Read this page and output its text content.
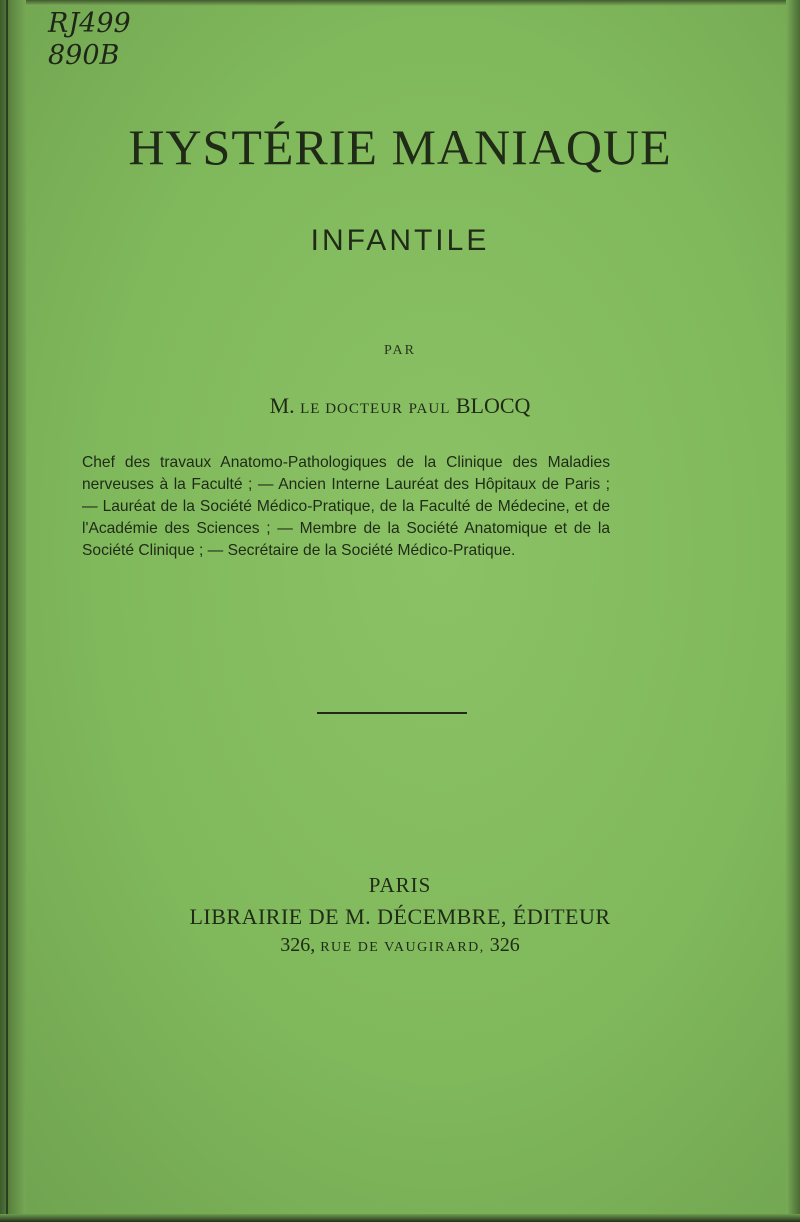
RJ499
890B
HYSTÉRIE MANIAQUE
INFANTILE
PAR
M. LE DOCTEUR PAUL BLOCQ
Chef des travaux Anatomo-Pathologiques de la Clinique des Maladies nerveuses à la Faculté ; — Ancien Interne Lauréat des Hôpitaux de Paris ; — Lauréat de la Société Médico-Pratique, de la Faculté de Médecine, et de l'Académie des Sciences ; — Membre de la Société Anatomique et de la Société Clinique ; — Secrétaire de la Société Médico-Pratique.
PARIS
LIBRAIRIE DE M. DÉCEMBRE, ÉDITEUR
326, RUE DE VAUGIRARD, 326
